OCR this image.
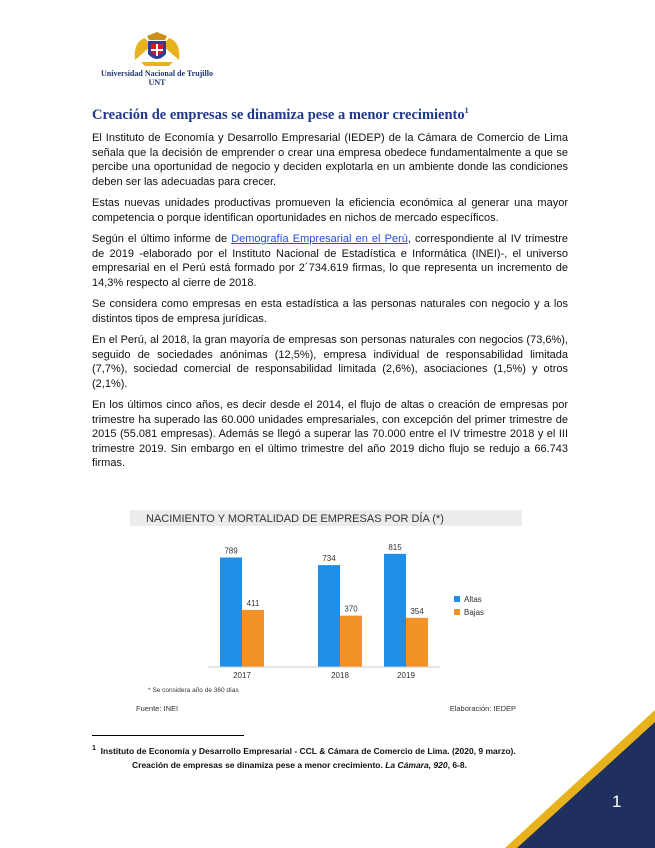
Universidad Nacional de Trujillo
UNT
Creación de empresas se dinamiza pese a menor crecimiento$^1$

El Instituto de Economía y Desarrollo Empresarial (IEDEP) de la Cámara de Comercio de Lima señala que la decisión de emprender o crear una empresa obedece fundamentalmente a que se percibe una oportunidad de negocio y deciden explotarla en un ambiente donde las condiciones deben ser las adecuadas para crecer.

Estas nuevas unidades productivas promueven la eficiencia económica al generar una mayor competencia o porque identifican oportunidades en nichos de mercado específicos.

Según el último informe de Demografía Empresarial en el Perú, correspondiente al IV trimestre de 2019 -elaborado por el Instituto Nacional de Estadística e Informática (INEI)-, el universo empresarial en el Perú está formado por 2´734.619 firmas, lo que representa un incremento de 14,3% respecto al cierre de 2018.

Se considera como empresas en esta estadística a las personas naturales con negocio y a los distintos tipos de empresa jurídicas.

En el Perú, al 2018, la gran mayoría de empresas son personas naturales con negocios (73,6%), seguido de sociedades anónimas (12,5%), empresa individual de responsabilidad limitada (7,7%), sociedad comercial de responsabilidad limitada (2,6%), asociaciones (1,5%) y otros (2,1%).

En los últimos cinco años, es decir desde el 2014, el flujo de altas o creación de empresas por trimestre ha superado las 60.000 unidades empresariales, con excepción del primer trimestre de 2015 (55.081 empresas). Además se llegó a superar las 70.000 entre el IV trimestre 2018 y el III trimestre 2019. Sin embargo en el último trimestre del año 2019 dicho flujo se redujo a 66.743 firmas.

NACIMIENTO Y MORTALIDAD DE EMPRESAS POR DÍA (*)
789
411
2017
734
370
2018
815
354
2019
Altas
Bajas
* Se considera año de 360 días
Fuente: INEI	Elaboración: IEDEP
$^1$ Instituto de Economía y Desarrollo Empresarial - CCL & Cámara de Comercio de Lima. (2020, 9 marzo).
Creación de empresas se dinamiza pese a menor crecimiento. La Cámara, 920, 6-8.
1
